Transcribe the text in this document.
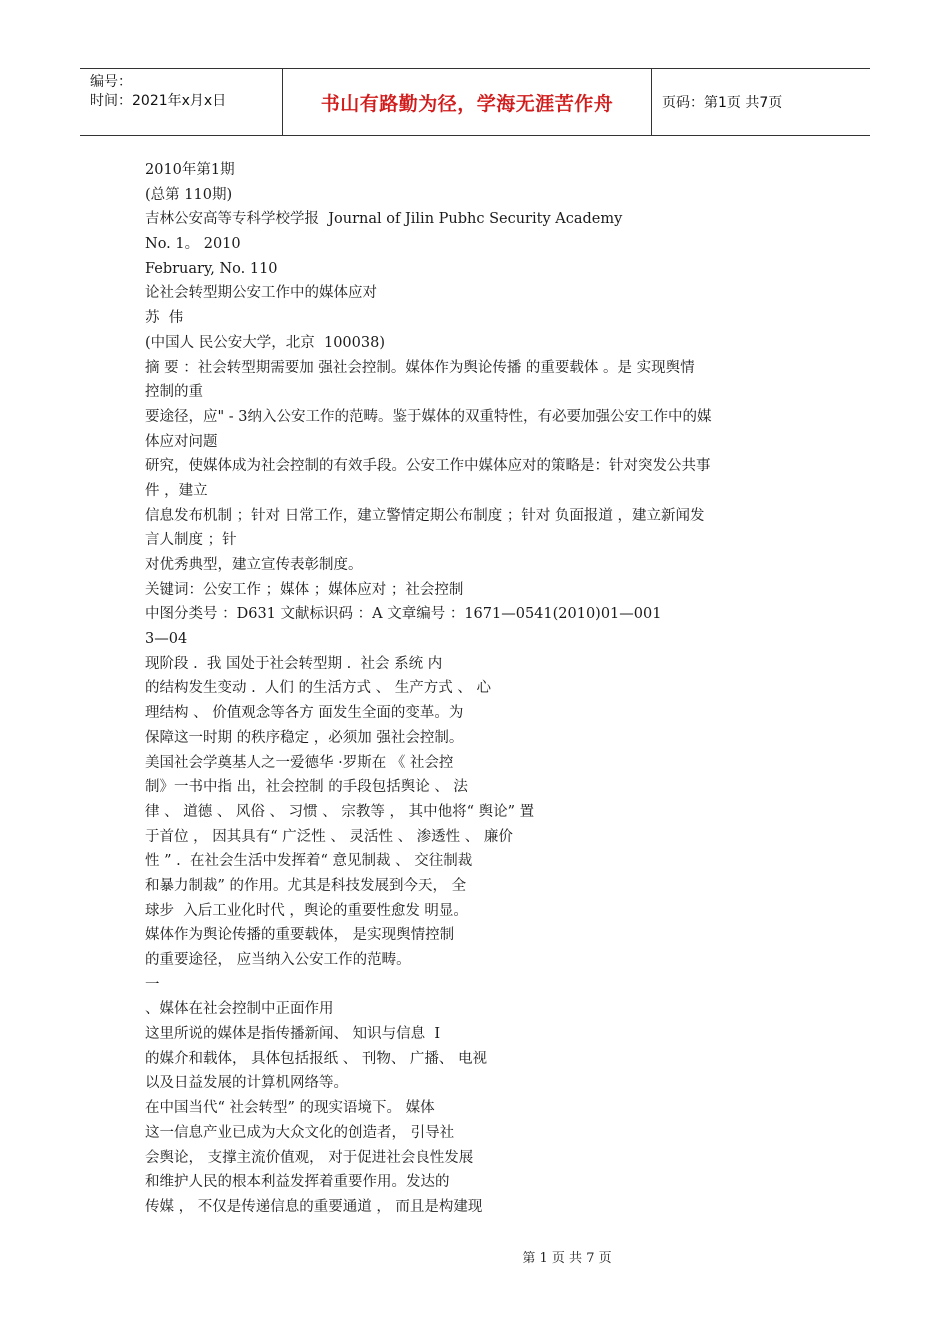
编号：
时间：2021年x月x日	书山有路勤为径，学海无涯苦作舟	页码：第1页 共7页
2010年第1期
(总第 110期)
吉林公安高等专科学校学报  Journal of Jilin Pubhc Security Academy
No. 1。 2010
February, No. 110
论社会转型期公安工作中的媒体应对
苏  伟
(中国人 民公安大学，北京  100038)
摘 要 ：社会转型期需要加 强社会控制。媒体作为舆论传播 的重要载体 。是 实现舆情
控制的重
要途径，应" - 3纳入公安工作的范畴。鉴于媒体的双重特性，有必要加强公安工作中的媒
体应对问题
研究，使媒体成为社会控制的有效手段。公安工作中媒体应对的策略是：针对突发公共事
件 ，建立
信息发布机制 ；针对 日常工作，建立警情定期公布制度 ；针对 负面报道 ，建立新闻发
言人制度 ；针
对优秀典型，建立宣传表彰制度。
关键词：公安工作 ；媒体 ；媒体应对 ；社会控制
中图分类号 ：D631 文献标识码 ：A 文章编号 ：1671—0541(2010)01—001
3—04
现阶段 .  我 国处于社会转型期 .  社会 系统 内
的结构发生变动 .  人们 的生活方式 、 生产方式 、 心
理结构 、 价值观念等各方 面发生全面的变革。为
保障这一时期 的秩序稳定 ，必须加 强社会控制。
美国社会学奠基人之一爱德华 ·罗斯在 《 社会控
制》一书中指 出，社会控制 的手段包括舆论 、 法
律 、 道德 、 风俗 、 习惯 、 宗教等 ， 其中他将“ 舆论” 置
于首位 ， 因其具有“ 广泛性 、 灵活性 、 渗透性 、 廉价
性 ” .  在社会生活中发挥着“ 意见制裁 、 交往制裁
和暴力制裁” 的作用。尤其是科技发展到今天， 全
球步  入后工业化时代 ，舆论的重要性愈发 明显。
媒体作为舆论传播的重要载体， 是实现舆情控制
的重要途径， 应当纳入公安工作的范畴。
一
、媒体在社会控制中正面作用
这里所说的媒体是指传播新闻、 知识与信息  I
的媒介和载体， 具体包括报纸 、 刊物、 广播、 电视
以及日益发展的计算机网络等。
在中国当代“ 社会转型” 的现实语境下。 媒体
这一信息产业已成为大众文化的创造者， 引导社
会舆论， 支撑主流价值观， 对于促进社会良性发展
和维护人民的根本利益发挥着重要作用。发达的
传媒 ， 不仅是传递信息的重要通道 ， 而且是构建现
第 1 页 共 7 页
